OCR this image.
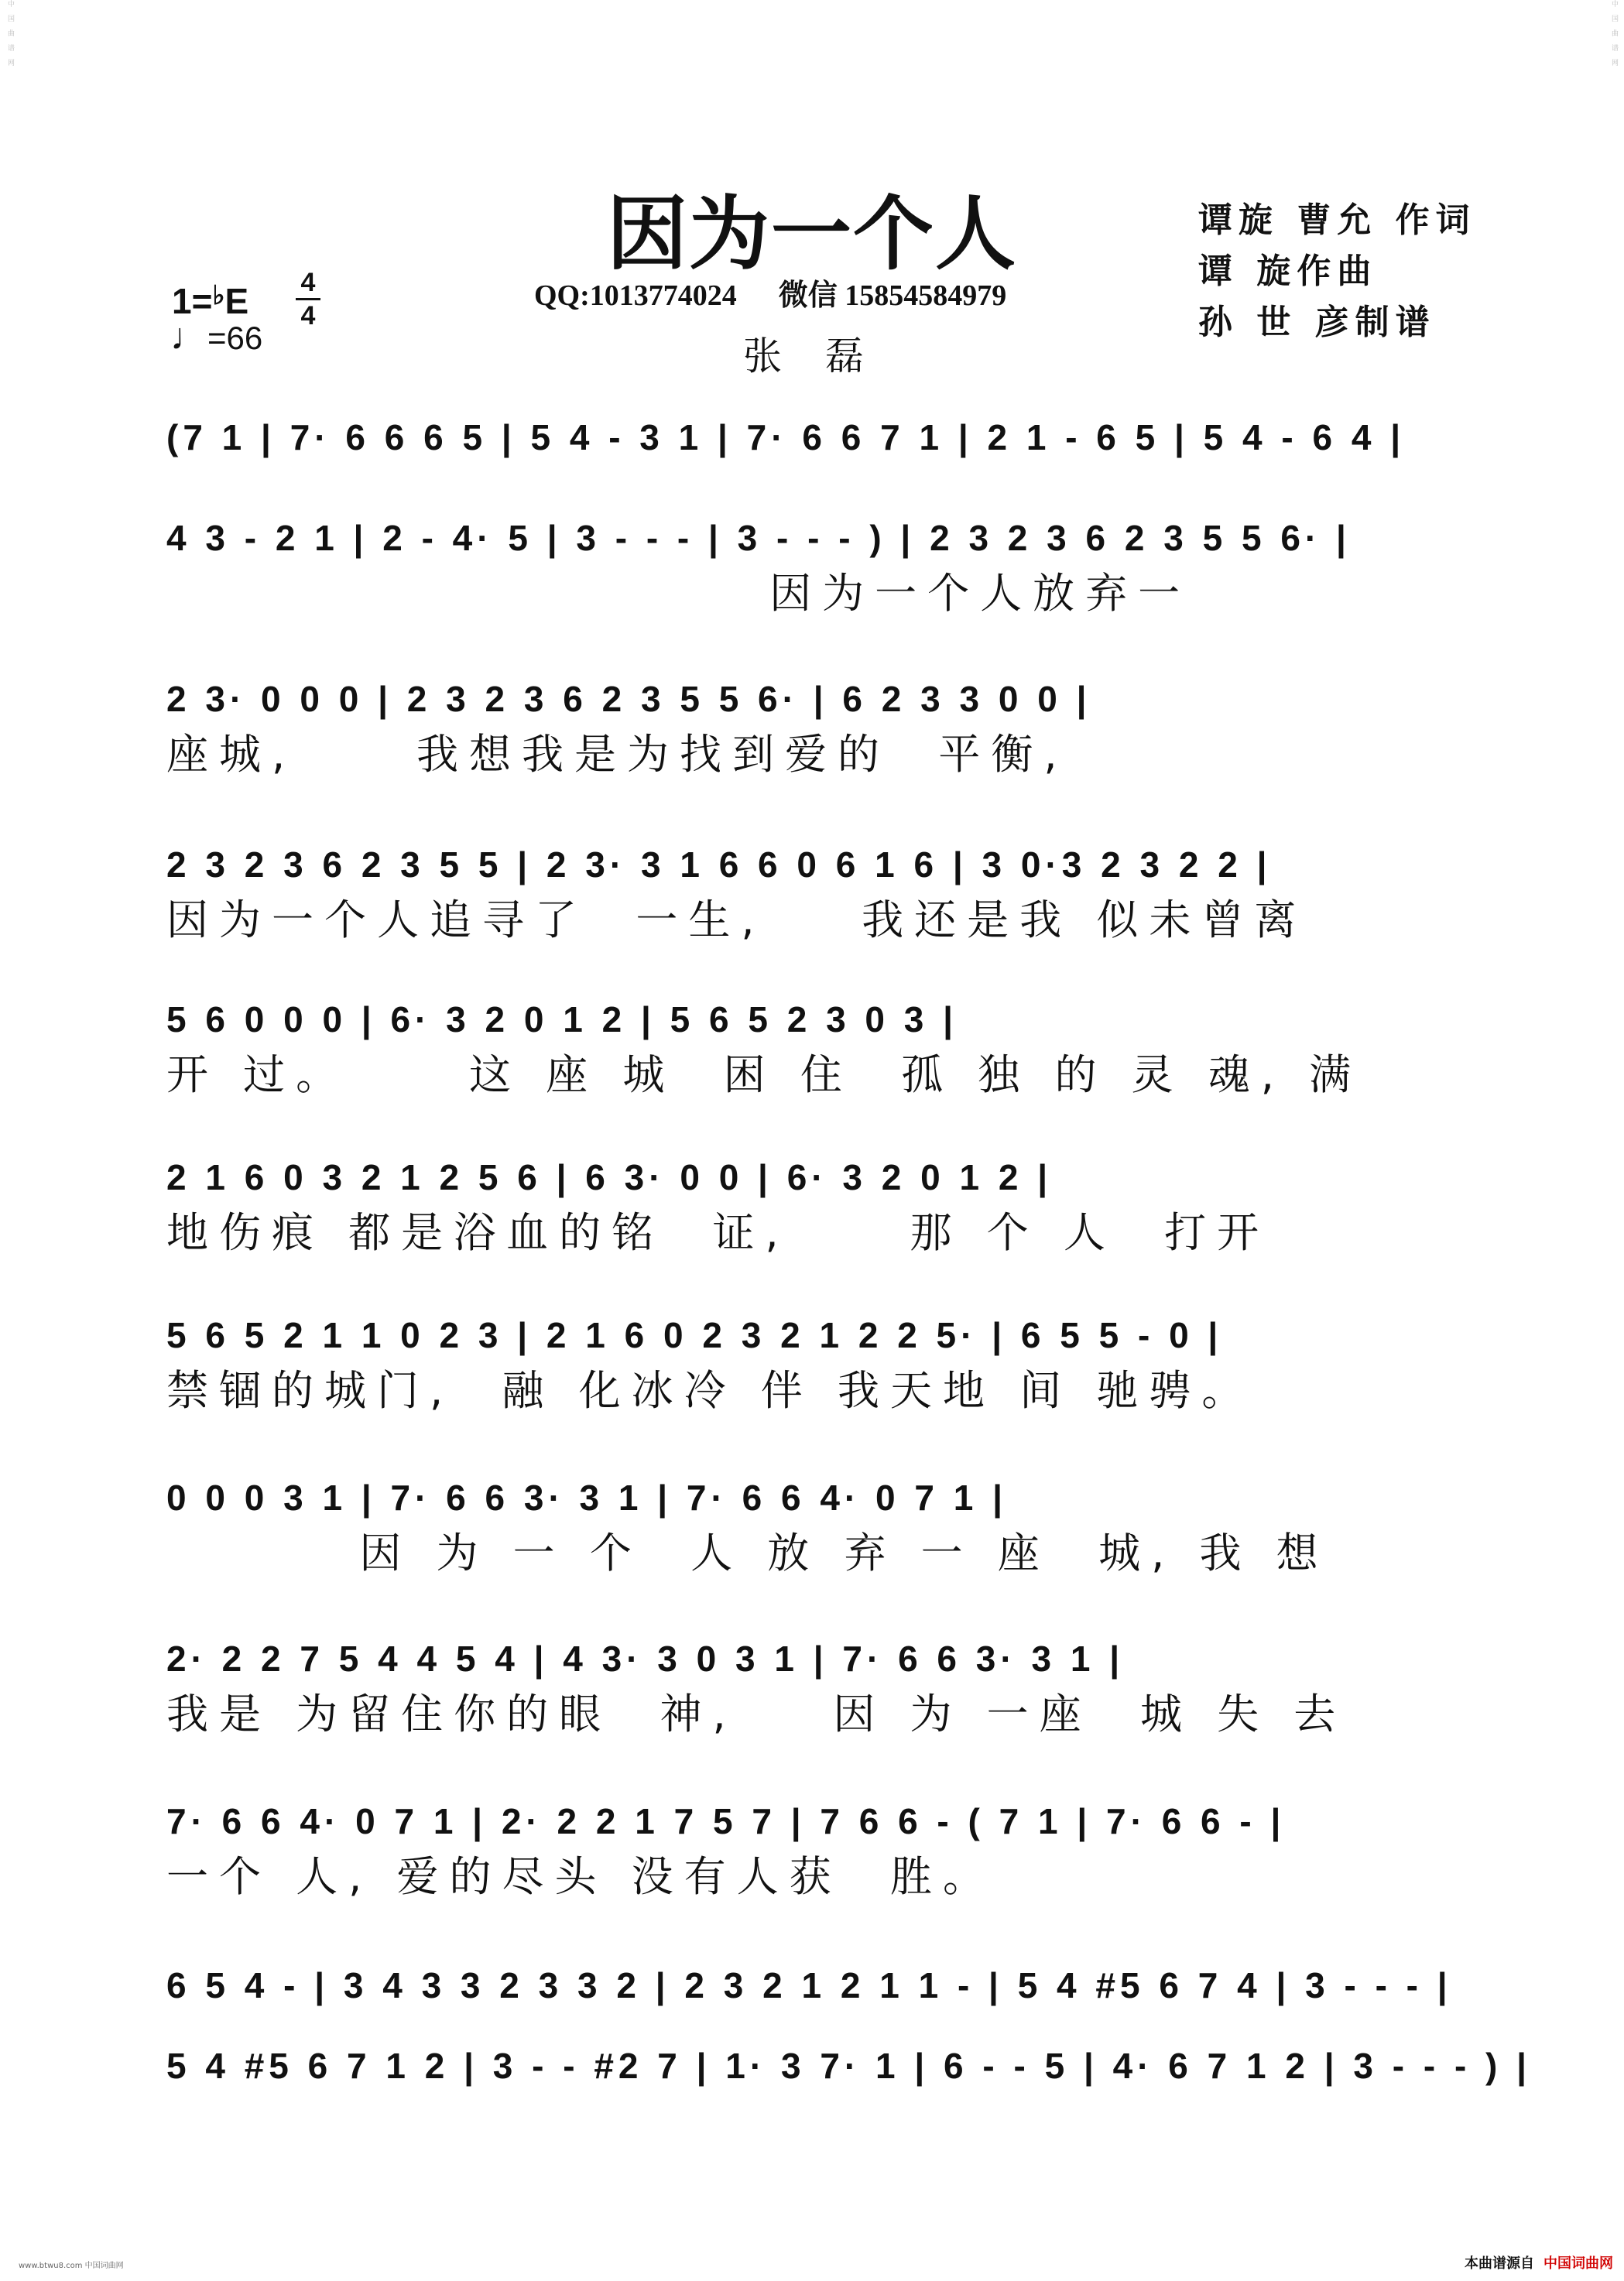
中国曲谱网	中国曲谱网
因为一个人
QQ:1013774024 微信 15854584979
张 磊
谭旋 曹允 作词
谭 旋作曲
孙 世 彦制谱
1=♭E 4
4
♩=66
(7 1 | 7· 6 6 6 5 | 5 4 - 3 1 | 7· 6 6 7 1 | 2 1 - 6 5 | 5 4 - 6 4 |
4 3 - 2 1 | 2 - 4· 5 | 3 - - - | 3 - - - ) | 2 3 2 3 6 2 3 5 5 6· |
因为一个人放弃一
2 3· 0 0 0 | 2 3 2 3 6 2 3 5 5 6· | 6 2 3 3 0 0 |
座城,     我想我是为找到爱的  平衡,
2 3 2 3 6 2 3 5 5 | 2 3· 3 1 6 6 0 6 1 6 | 3 0·3 2 3 2 2 |
因为一个人追寻了  一生,    我还是我 似未曾离
5 6 0 0 0 | 6· 3 2 0 1 2 | 5 6 5 2 3 0 3 |
开 过。     这 座 城  困 住  孤 独 的 灵 魂, 满
2 1 6 0 3 2 1 2 5 6 | 6 3· 0 0 | 6· 3 2 0 1 2 |
地伤痕 都是浴血的铭  证,     那 个 人  打开
5 6 5 2 1 1 0 2 3 | 2 1 6 0 2 3 2 1 2 2 5· | 6 5 5 - 0 |
禁锢的城门,  融 化冰冷 伴 我天地 间 驰骋。
0 0 0 3 1 | 7· 6 6 3· 3 1 | 7· 6 6 4· 0 7 1 |
因 为 一 个  人 放 弃 一 座  城, 我 想
2· 2 2 7 5 4 4 5 4 | 4 3· 3 0 3 1 | 7· 6 6 3· 3 1 |
我是 为留住你的眼  神,    因 为 一座  城 失 去
7· 6 6 4· 0 7 1 | 2· 2 2 1 7 5 7 | 7 6 6 - ( 7 1 | 7· 6 6 - |
一个 人, 爱的尽头 没有人获  胜。
6 5 4 - | 3 4 3 3 2 3 3 2 | 2 3 2 1 2 1 1 - | 5 4 #5 6 7 4 | 3 - - - |
5 4 #5 6 7 1 2 | 3 - - #2 7 | 1· 3 7· 1 | 6 - - 5 | 4· 6 7 1 2 | 3 - - - ) |
www.btwu8.com 中国词曲网	本曲谱源自 中国词曲网
